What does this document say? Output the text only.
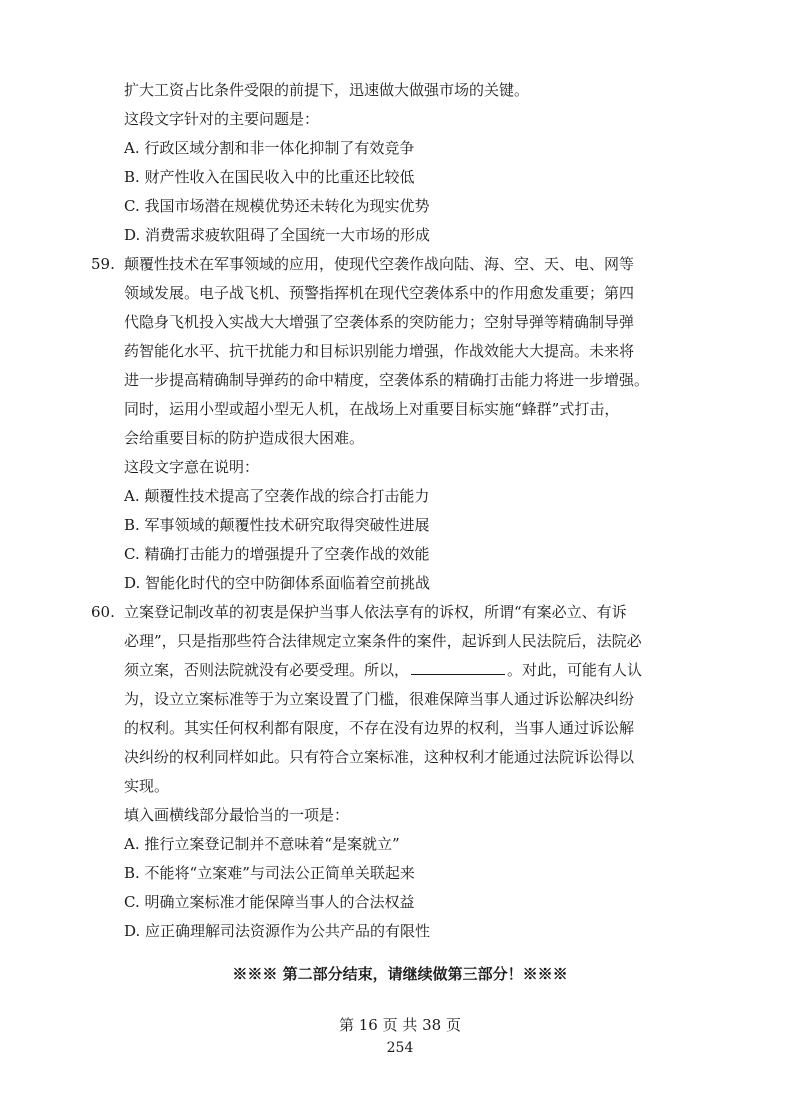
扩大工资占比条件受限的前提下，迅速做大做强市场的关键。
这段文字针对的主要问题是：
A. 行政区域分割和非一体化抑制了有效竞争
B. 财产性收入在国民收入中的比重还比较低
C. 我国市场潜在规模优势还未转化为现实优势
D. 消费需求疲软阻碍了全国统一大市场的形成
59. 颠覆性技术在军事领域的应用，使现代空袭作战向陆、海、空、天、电、网等
领域发展。电子战飞机、预警指挥机在现代空袭体系中的作用愈发重要；第四
代隐身飞机投入实战大大增强了空袭体系的突防能力；空射导弹等精确制导弹
药智能化水平、抗干扰能力和目标识别能力增强，作战效能大大提高。未来将
进一步提高精确制导弹药的命中精度，空袭体系的精确打击能力将进一步增强。
同时，运用小型或超小型无人机，在战场上对重要目标实施“蜂群”式打击，
会给重要目标的防护造成很大困难。
这段文字意在说明：
A. 颠覆性技术提高了空袭作战的综合打击能力
B. 军事领域的颠覆性技术研究取得突破性进展
C. 精确打击能力的增强提升了空袭作战的效能
D. 智能化时代的空中防御体系面临着空前挑战
60. 立案登记制改革的初衷是保护当事人依法享有的诉权，所谓“有案必立、有诉
必理”，只是指那些符合法律规定立案条件的案件，起诉到人民法院后，法院必
须立案，否则法院就没有必要受理。所以，	。对此，可能有人认
为，设立立案标准等于为立案设置了门槛，很难保障当事人通过诉讼解决纠纷
的权利。其实任何权利都有限度，不存在没有边界的权利，当事人通过诉讼解
决纠纷的权利同样如此。只有符合立案标准，这种权利才能通过法院诉讼得以
实现。
填入画横线部分最恰当的一项是：
A. 推行立案登记制并不意味着“是案就立”
B. 不能将“立案难”与司法公正简单关联起来
C. 明确立案标准才能保障当事人的合法权益
D. 应正确理解司法资源作为公共产品的有限性
※※※ 第二部分结束，请继续做第三部分！※※※
第 16 页 共 38 页
254
